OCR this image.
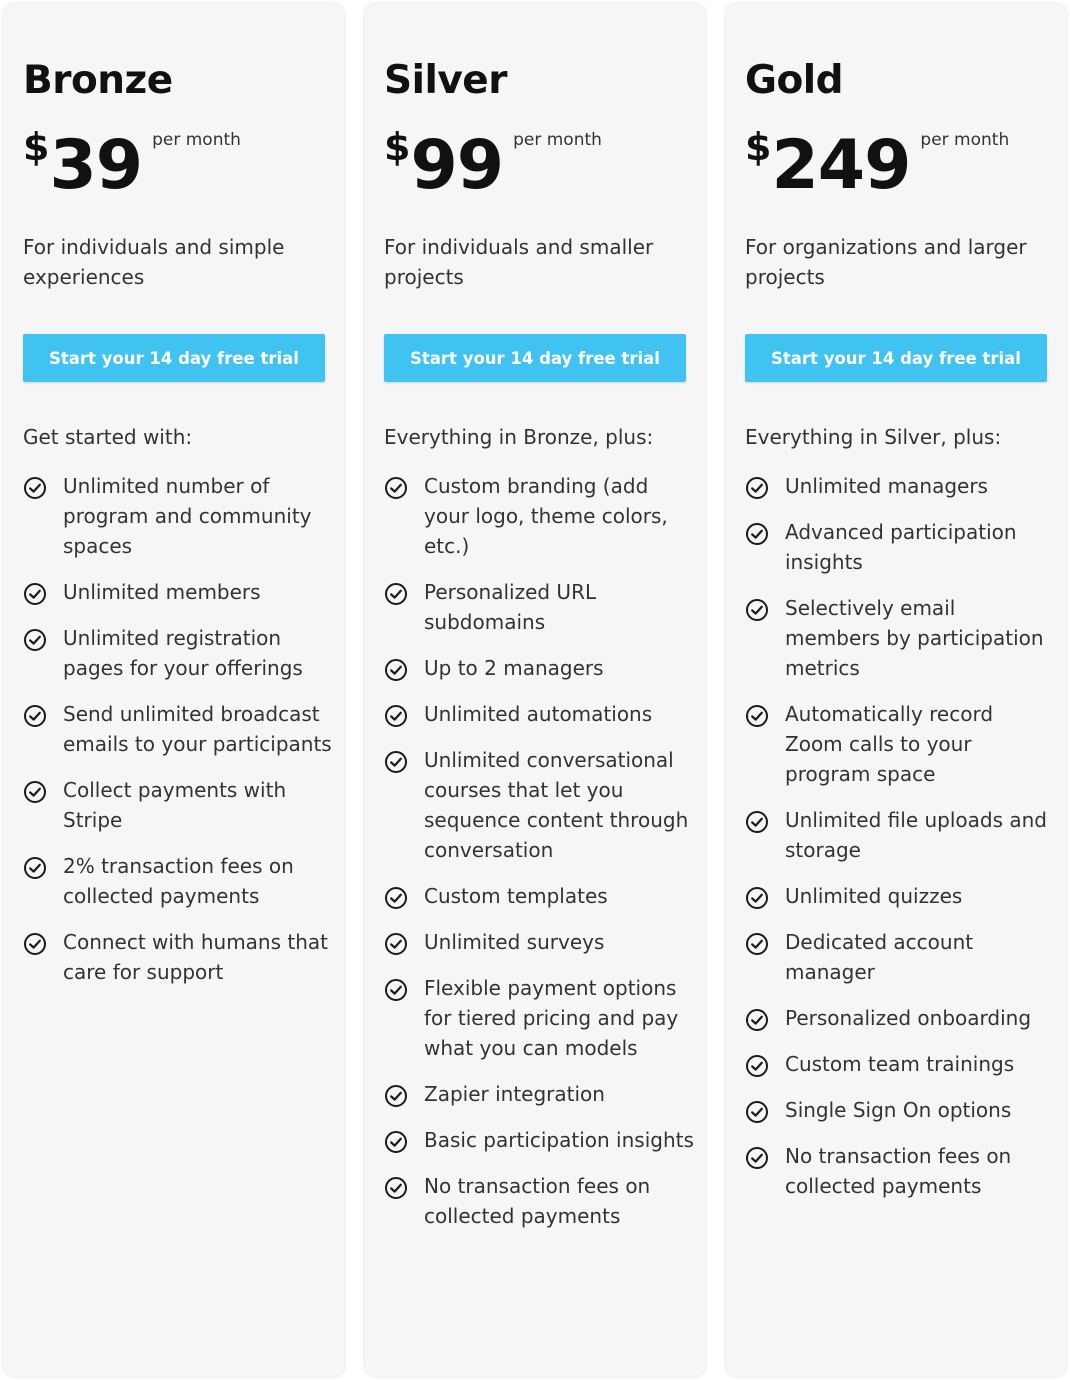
Bronze
$ 39 per month

For individuals and simple experiences

Start your 14 day free trial

Get started with:

Unlimited number of program and community spaces
Unlimited members
Unlimited registration pages for your offerings
Send unlimited broadcast emails to your participants
Collect payments with Stripe
2% transaction fees on collected payments
Connect with humans that care for support
Silver
$ 99 per month

For individuals and smaller projects

Start your 14 day free trial

Everything in Bronze, plus:

Custom branding (add your logo, theme colors, etc.)
Personalized URL subdomains
Up to 2 managers
Unlimited automations
Unlimited conversational courses that let you sequence content through conversation
Custom templates
Unlimited surveys
Flexible payment options for tiered pricing and pay what you can models
Zapier integration
Basic participation insights
No transaction fees on collected payments
Gold
$ 249 per month

For organizations and larger projects

Start your 14 day free trial

Everything in Silver, plus:

Unlimited managers
Advanced participation insights
Selectively email members by participation metrics
Automatically record Zoom calls to your program space
Unlimited file uploads and storage
Unlimited quizzes
Dedicated account manager
Personalized onboarding
Custom team trainings
Single Sign On options
No transaction fees on collected payments
